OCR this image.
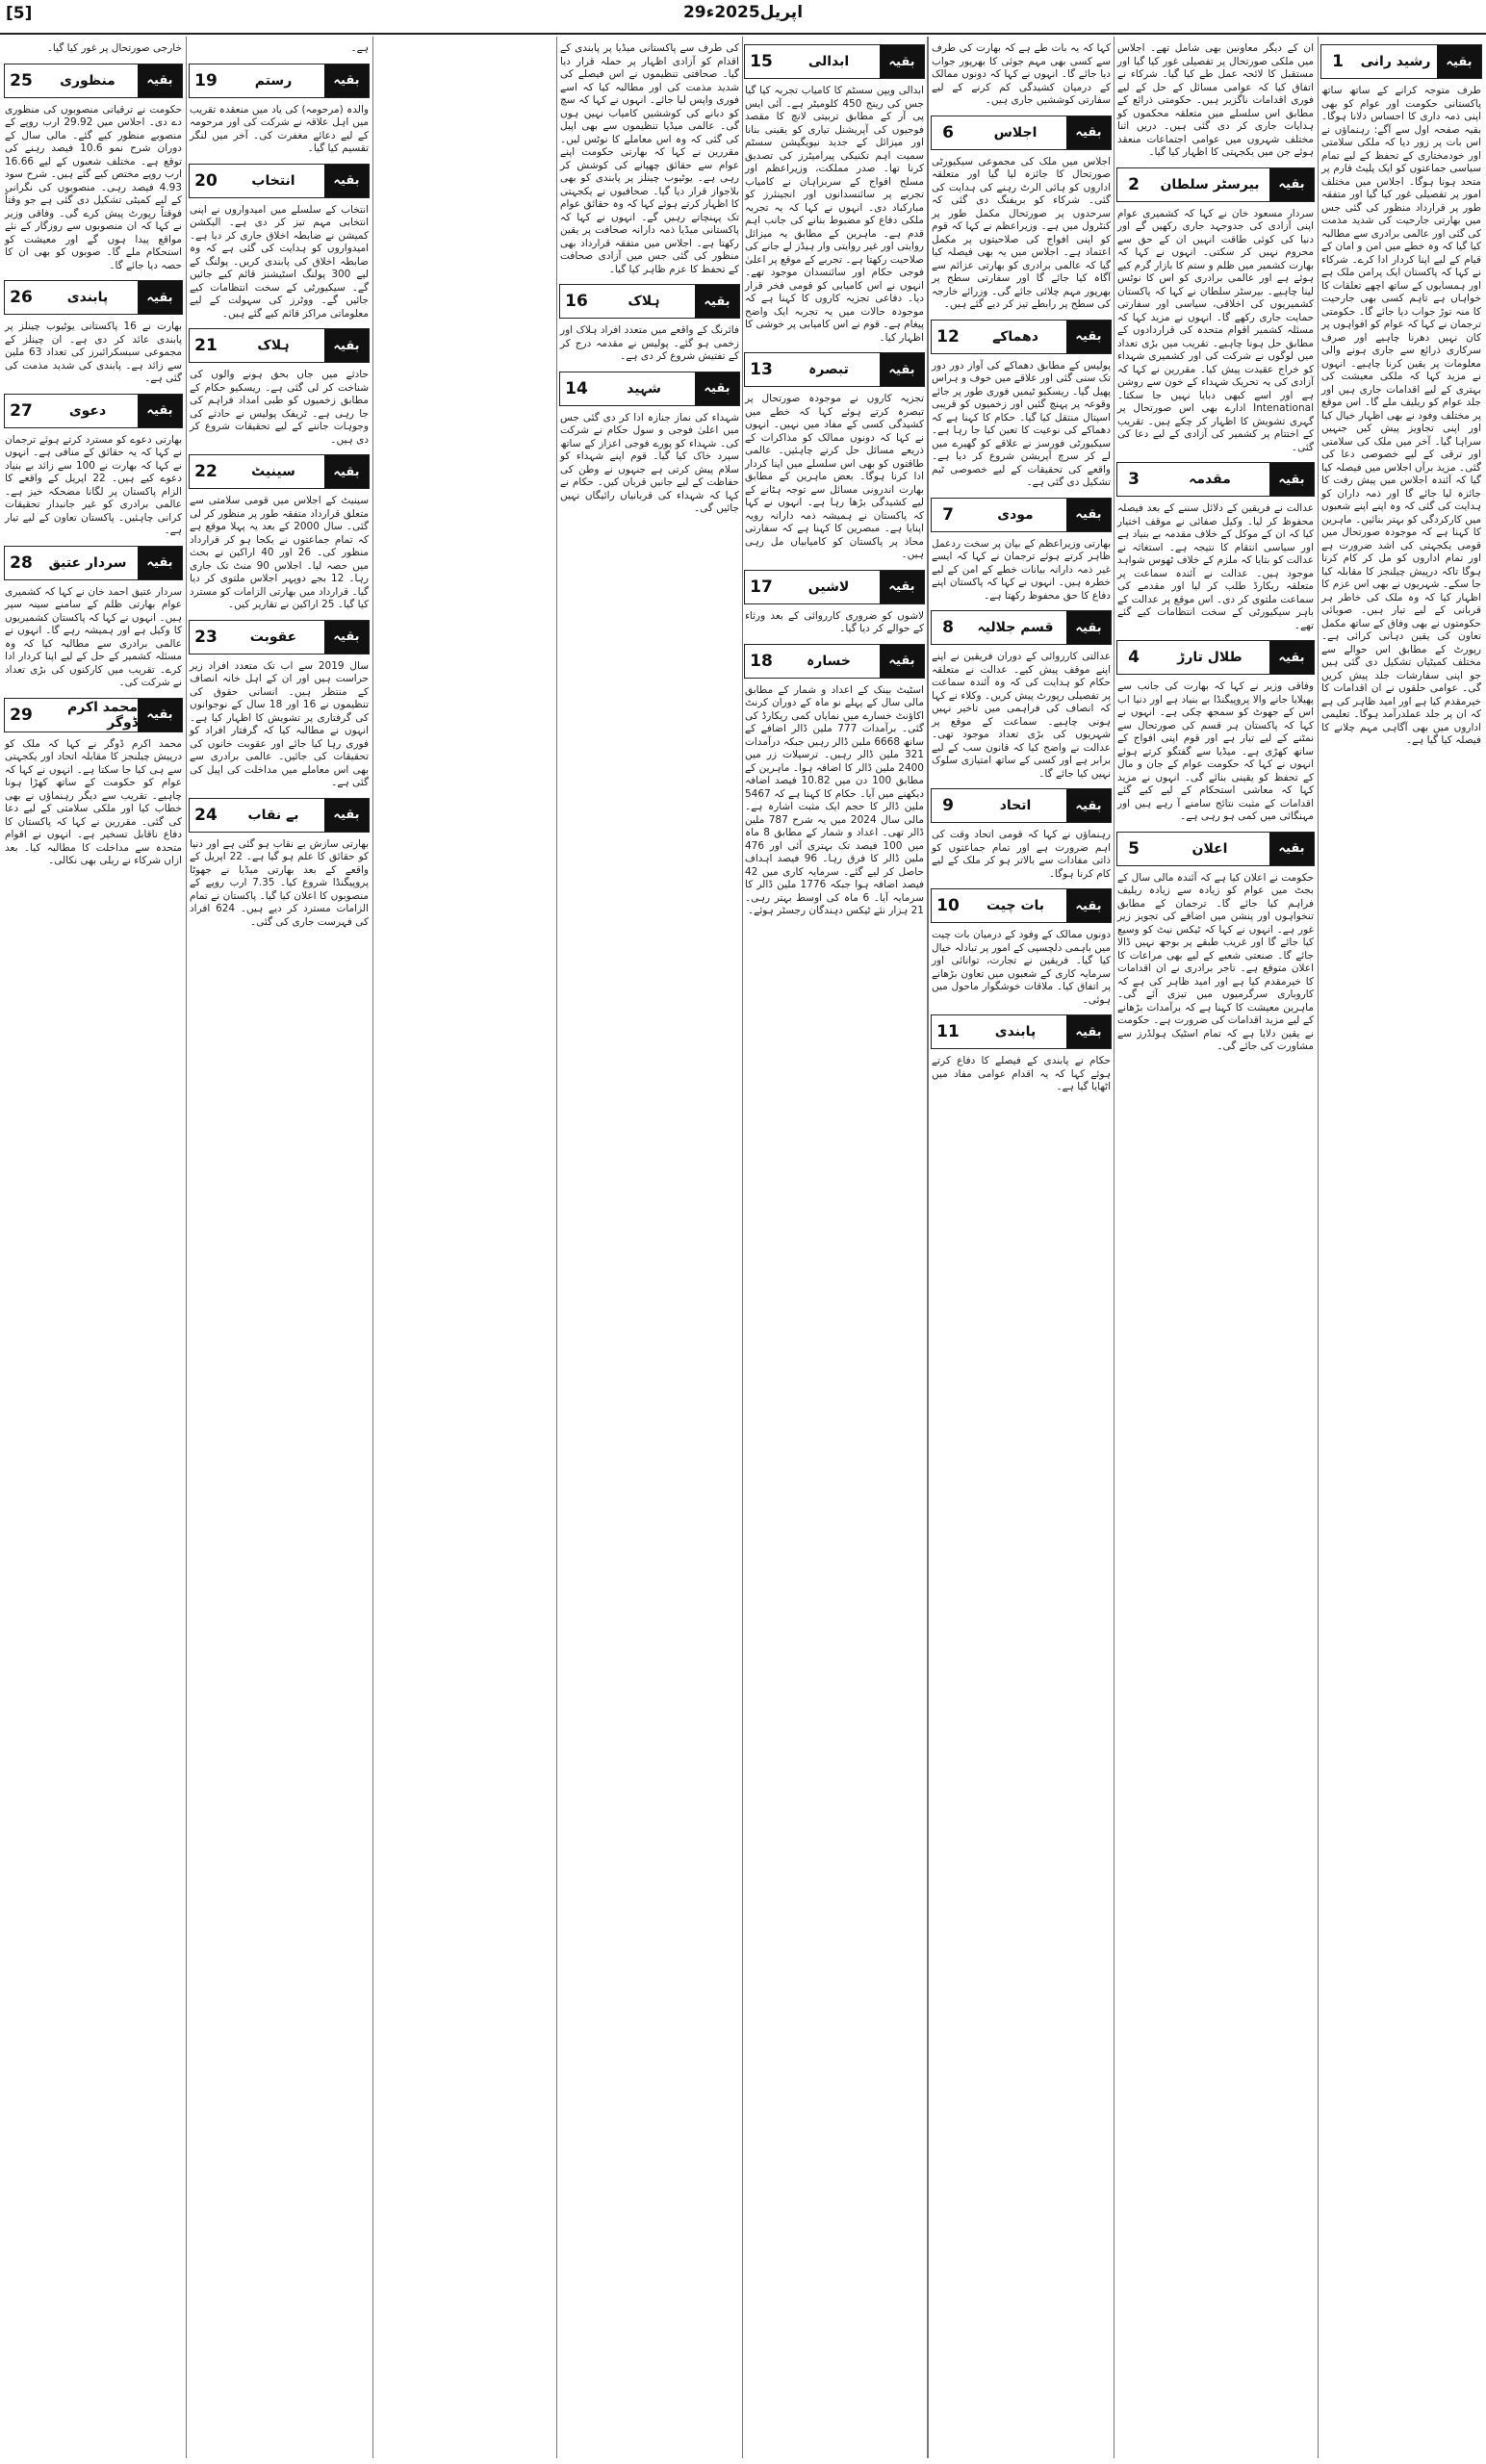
[5]	29اپریل2025ء
1	رشید رانی	بقیہ
طرف متوجہ کرانے کے ساتھ ساتھ پاکستانی حکومت اور عوام کو بھی اپنی ذمہ داری کا احساس دلانا ہوگا۔ بقیہ صفحہ اول سے آگے: رہنماؤں نے اس بات پر زور دیا کہ ملکی سلامتی اور خودمختاری کے تحفظ کے لیے تمام سیاسی جماعتوں کو ایک پلیٹ فارم پر متحد ہونا ہوگا۔ اجلاس میں مختلف امور پر تفصیلی غور کیا گیا اور متفقہ طور پر قرارداد منظور کی گئی جس میں بھارتی جارحیت کی شدید مذمت کی گئی اور عالمی برادری سے مطالبہ کیا گیا کہ وہ خطے میں امن و امان کے قیام کے لیے اپنا کردار ادا کرے۔ شرکاء نے کہا کہ پاکستان ایک پرامن ملک ہے اور ہمسایوں کے ساتھ اچھے تعلقات کا خواہاں ہے تاہم کسی بھی جارحیت کا منہ توڑ جواب دیا جائے گا۔ حکومتی ترجمان نے کہا کہ عوام کو افواہوں پر کان نہیں دھرنا چاہیے اور صرف سرکاری ذرائع سے جاری ہونے والی معلومات پر یقین کرنا چاہیے۔ انہوں نے مزید کہا کہ ملکی معیشت کی بہتری کے لیے اقدامات جاری ہیں اور جلد عوام کو ریلیف ملے گا۔ اس موقع پر مختلف وفود نے بھی اظہار خیال کیا اور اپنی تجاویز پیش کیں جنہیں سراہا گیا۔ آخر میں ملک کی سلامتی اور ترقی کے لیے خصوصی دعا کی گئی۔ مزید برآں اجلاس میں فیصلہ کیا گیا کہ آئندہ اجلاس میں پیش رفت کا جائزہ لیا جائے گا اور ذمہ داران کو ہدایت کی گئی کہ وہ اپنے اپنے شعبوں میں کارکردگی کو بہتر بنائیں۔ ماہرین کا کہنا ہے کہ موجودہ صورتحال میں قومی یکجہتی کی اشد ضرورت ہے اور تمام اداروں کو مل کر کام کرنا ہوگا تاکہ درپیش چیلنجز کا مقابلہ کیا جا سکے۔ شہریوں نے بھی اس عزم کا اظہار کیا کہ وہ ملک کی خاطر ہر قربانی کے لیے تیار ہیں۔ صوبائی حکومتوں نے بھی وفاق کے ساتھ مکمل تعاون کی یقین دہانی کرائی ہے۔ رپورٹ کے مطابق اس حوالے سے مختلف کمیٹیاں تشکیل دی گئی ہیں جو اپنی سفارشات جلد پیش کریں گی۔ عوامی حلقوں نے ان اقدامات کا خیرمقدم کیا ہے اور امید ظاہر کی ہے کہ ان پر جلد عملدرآمد ہوگا۔ تعلیمی اداروں میں بھی آگاہی مہم چلانے کا فیصلہ کیا گیا ہے۔
ان کے دیگر معاونین بھی شامل تھے۔ اجلاس میں ملکی صورتحال پر تفصیلی غور کیا گیا اور مستقبل کا لائحہ عمل طے کیا گیا۔ شرکاء نے اتفاق کیا کہ عوامی مسائل کے حل کے لیے فوری اقدامات ناگزیر ہیں۔ حکومتی ذرائع کے مطابق اس سلسلے میں متعلقہ محکموں کو ہدایات جاری کر دی گئی ہیں۔ دریں اثنا مختلف شہروں میں عوامی اجتماعات منعقد ہوئے جن میں یکجہتی کا اظہار کیا گیا۔
2	بیرسٹر سلطان	بقیہ
سردار مسعود خان نے کہا کہ کشمیری عوام اپنی آزادی کی جدوجہد جاری رکھیں گے اور دنیا کی کوئی طاقت انہیں ان کے حق سے محروم نہیں کر سکتی۔ انہوں نے کہا کہ بھارت کشمیر میں ظلم و ستم کا بازار گرم کیے ہوئے ہے اور عالمی برادری کو اس کا نوٹس لینا چاہیے۔ بیرسٹر سلطان نے کہا کہ پاکستان کشمیریوں کی اخلاقی، سیاسی اور سفارتی حمایت جاری رکھے گا۔ انہوں نے مزید کہا کہ مسئلہ کشمیر اقوام متحدہ کی قراردادوں کے مطابق حل ہونا چاہیے۔ تقریب میں بڑی تعداد میں لوگوں نے شرکت کی اور کشمیری شہداء کو خراج عقیدت پیش کیا۔ مقررین نے کہا کہ آزادی کی یہ تحریک شہداء کے خون سے روشن ہے اور اسے کبھی دبایا نہیں جا سکتا۔ Intenational ادارے بھی اس صورتحال پر گہری تشویش کا اظہار کر چکے ہیں۔ تقریب کے اختتام پر کشمیر کی آزادی کے لیے دعا کی گئی۔
3	مقدمہ	بقیہ
عدالت نے فریقین کے دلائل سننے کے بعد فیصلہ محفوظ کر لیا۔ وکیل صفائی نے موقف اختیار کیا کہ ان کے موکل کے خلاف مقدمہ بے بنیاد ہے اور سیاسی انتقام کا نتیجہ ہے۔ استغاثہ نے عدالت کو بتایا کہ ملزم کے خلاف ٹھوس شواہد موجود ہیں۔ عدالت نے آئندہ سماعت پر متعلقہ ریکارڈ طلب کر لیا اور مقدمے کی سماعت ملتوی کر دی۔ اس موقع پر عدالت کے باہر سیکیورٹی کے سخت انتظامات کیے گئے تھے۔
4	طلال تارڑ	بقیہ
وفاقی وزیر نے کہا کہ بھارت کی جانب سے پھیلایا جانے والا پروپیگنڈا بے بنیاد ہے اور دنیا اب اس کے جھوٹ کو سمجھ چکی ہے۔ انہوں نے کہا کہ پاکستان ہر قسم کی صورتحال سے نمٹنے کے لیے تیار ہے اور قوم اپنی افواج کے ساتھ کھڑی ہے۔ میڈیا سے گفتگو کرتے ہوئے انہوں نے کہا کہ حکومت عوام کے جان و مال کے تحفظ کو یقینی بنائے گی۔ انہوں نے مزید کہا کہ معاشی استحکام کے لیے کیے گئے اقدامات کے مثبت نتائج سامنے آ رہے ہیں اور مہنگائی میں کمی ہو رہی ہے۔
5	اعلان	بقیہ
حکومت نے اعلان کیا ہے کہ آئندہ مالی سال کے بجٹ میں عوام کو زیادہ سے زیادہ ریلیف فراہم کیا جائے گا۔ ترجمان کے مطابق تنخواہوں اور پنشن میں اضافے کی تجویز زیر غور ہے۔ انہوں نے کہا کہ ٹیکس نیٹ کو وسیع کیا جائے گا اور غریب طبقے پر بوجھ نہیں ڈالا جائے گا۔ صنعتی شعبے کے لیے بھی مراعات کا اعلان متوقع ہے۔ تاجر برادری نے ان اقدامات کا خیرمقدم کیا ہے اور امید ظاہر کی ہے کہ کاروباری سرگرمیوں میں تیزی آئے گی۔ ماہرین معیشت کا کہنا ہے کہ برآمدات بڑھانے کے لیے مزید اقدامات کی ضرورت ہے۔ حکومت نے یقین دلایا ہے کہ تمام اسٹیک ہولڈرز سے مشاورت کی جائے گی۔
کہا کہ یہ بات طے ہے کہ بھارت کی طرف سے کسی بھی مہم جوئی کا بھرپور جواب دیا جائے گا۔ انہوں نے کہا کہ دونوں ممالک کے درمیان کشیدگی کم کرنے کے لیے سفارتی کوششیں جاری ہیں۔
6	اجلاس	بقیہ
اجلاس میں ملک کی مجموعی سیکیورٹی صورتحال کا جائزہ لیا گیا اور متعلقہ اداروں کو ہائی الرٹ رہنے کی ہدایت کی گئی۔ شرکاء کو بریفنگ دی گئی کہ سرحدوں پر صورتحال مکمل طور پر کنٹرول میں ہے۔ وزیراعظم نے کہا کہ قوم کو اپنی افواج کی صلاحیتوں پر مکمل اعتماد ہے۔ اجلاس میں یہ بھی فیصلہ کیا گیا کہ عالمی برادری کو بھارتی عزائم سے آگاہ کیا جائے گا اور سفارتی سطح پر بھرپور مہم چلائی جائے گی۔ وزرائے خارجہ کی سطح پر رابطے تیز کر دیے گئے ہیں۔
12	دھماکے	بقیہ
پولیس کے مطابق دھماکے کی آواز دور دور تک سنی گئی اور علاقے میں خوف و ہراس پھیل گیا۔ ریسکیو ٹیمیں فوری طور پر جائے وقوعہ پر پہنچ گئیں اور زخمیوں کو قریبی اسپتال منتقل کیا گیا۔ حکام کا کہنا ہے کہ دھماکے کی نوعیت کا تعین کیا جا رہا ہے۔ سیکیورٹی فورسز نے علاقے کو گھیرے میں لے کر سرچ آپریشن شروع کر دیا ہے۔ واقعے کی تحقیقات کے لیے خصوصی ٹیم تشکیل دی گئی ہے۔
7	مودی	بقیہ
بھارتی وزیراعظم کے بیان پر سخت ردعمل ظاہر کرتے ہوئے ترجمان نے کہا کہ ایسے غیر ذمہ دارانہ بیانات خطے کے امن کے لیے خطرہ ہیں۔ انہوں نے کہا کہ پاکستان اپنے دفاع کا حق محفوظ رکھتا ہے۔
8	قسم جلالیہ	بقیہ
عدالتی کارروائی کے دوران فریقین نے اپنے اپنے موقف پیش کیے۔ عدالت نے متعلقہ حکام کو ہدایت کی کہ وہ آئندہ سماعت پر تفصیلی رپورٹ پیش کریں۔ وکلاء نے کہا کہ انصاف کی فراہمی میں تاخیر نہیں ہونی چاہیے۔ سماعت کے موقع پر شہریوں کی بڑی تعداد موجود تھی۔ عدالت نے واضح کیا کہ قانون سب کے لیے برابر ہے اور کسی کے ساتھ امتیازی سلوک نہیں کیا جائے گا۔
9	اتحاد	بقیہ
رہنماؤں نے کہا کہ قومی اتحاد وقت کی اہم ضرورت ہے اور تمام جماعتوں کو ذاتی مفادات سے بالاتر ہو کر ملک کے لیے کام کرنا ہوگا۔
10	بات چیت	بقیہ
دونوں ممالک کے وفود کے درمیان بات چیت میں باہمی دلچسپی کے امور پر تبادلہ خیال کیا گیا۔ فریقین نے تجارت، توانائی اور سرمایہ کاری کے شعبوں میں تعاون بڑھانے پر اتفاق کیا۔ ملاقات خوشگوار ماحول میں ہوئی۔
11	پابندی	بقیہ
حکام نے پابندی کے فیصلے کا دفاع کرتے ہوئے کہا کہ یہ اقدام عوامی مفاد میں اٹھایا گیا ہے۔
کی طرف سے پاکستانی میڈیا پر پابندی کے اقدام کو آزادی اظہار پر حملہ قرار دیا گیا۔ صحافتی تنظیموں نے اس فیصلے کی شدید مذمت کی اور مطالبہ کیا کہ اسے فوری واپس لیا جائے۔ انہوں نے کہا کہ سچ کو دبانے کی کوششیں کامیاب نہیں ہوں گی۔ عالمی میڈیا تنظیموں سے بھی اپیل کی گئی کہ وہ اس معاملے کا نوٹس لیں۔ مقررین نے کہا کہ بھارتی حکومت اپنے عوام سے حقائق چھپانے کی کوشش کر رہی ہے۔ یوٹیوب چینلز پر پابندی کو بھی بلاجواز قرار دیا گیا۔ صحافیوں نے یکجہتی کا اظہار کرتے ہوئے کہا کہ وہ حقائق عوام تک پہنچاتے رہیں گے۔ انہوں نے کہا کہ پاکستانی میڈیا ذمہ دارانہ صحافت پر یقین رکھتا ہے۔ اجلاس میں متفقہ قرارداد بھی منظور کی گئی جس میں آزادی صحافت کے تحفظ کا عزم ظاہر کیا گیا۔
16	ہلاک	بقیہ
فائرنگ کے واقعے میں متعدد افراد ہلاک اور زخمی ہو گئے۔ پولیس نے مقدمہ درج کر کے تفتیش شروع کر دی ہے۔
14	شہید	بقیہ
شہداء کی نماز جنازہ ادا کر دی گئی جس میں اعلیٰ فوجی و سول حکام نے شرکت کی۔ شہداء کو پورے فوجی اعزاز کے ساتھ سپرد خاک کیا گیا۔ قوم اپنے شہداء کو سلام پیش کرتی ہے جنہوں نے وطن کی حفاظت کے لیے جانیں قربان کیں۔ حکام نے کہا کہ شہداء کی قربانیاں رائیگاں نہیں جائیں گی۔
15	ابدالی	بقیہ
ابدالی ویپن سسٹم کا کامیاب تجربہ کیا گیا جس کی رینج 450 کلومیٹر ہے۔ آئی ایس پی آر کے مطابق تربیتی لانچ کا مقصد فوجیوں کی آپریشنل تیاری کو یقینی بنانا اور میزائل کے جدید نیویگیشن سسٹم سمیت اہم تکنیکی پیرامیٹرز کی تصدیق کرنا تھا۔ صدر مملکت، وزیراعظم اور مسلح افواج کے سربراہان نے کامیاب تجربے پر سائنسدانوں اور انجینئرز کو مبارکباد دی۔ انہوں نے کہا کہ یہ تجربہ ملکی دفاع کو مضبوط بنانے کی جانب اہم قدم ہے۔ ماہرین کے مطابق یہ میزائل روایتی اور غیر روایتی وار ہیڈز لے جانے کی صلاحیت رکھتا ہے۔ تجربے کے موقع پر اعلیٰ فوجی حکام اور سائنسدان موجود تھے۔ انہوں نے اس کامیابی کو قومی فخر قرار دیا۔ دفاعی تجزیہ کاروں کا کہنا ہے کہ موجودہ حالات میں یہ تجربہ ایک واضح پیغام ہے۔ قوم نے اس کامیابی پر خوشی کا اظہار کیا۔
13	تبصرہ	بقیہ
تجزیہ کاروں نے موجودہ صورتحال پر تبصرہ کرتے ہوئے کہا کہ خطے میں کشیدگی کسی کے مفاد میں نہیں۔ انہوں نے کہا کہ دونوں ممالک کو مذاکرات کے ذریعے مسائل حل کرنے چاہئیں۔ عالمی طاقتوں کو بھی اس سلسلے میں اپنا کردار ادا کرنا ہوگا۔ بعض ماہرین کے مطابق بھارت اندرونی مسائل سے توجہ ہٹانے کے لیے کشیدگی بڑھا رہا ہے۔ انہوں نے کہا کہ پاکستان نے ہمیشہ ذمہ دارانہ رویہ اپنایا ہے۔ مبصرین کا کہنا ہے کہ سفارتی محاذ پر پاکستان کو کامیابیاں مل رہی ہیں۔
17	لاشیں	بقیہ
لاشوں کو ضروری کارروائی کے بعد ورثاء کے حوالے کر دیا گیا۔
18	خسارہ	بقیہ
اسٹیٹ بینک کے اعداد و شمار کے مطابق مالی سال کے پہلے نو ماہ کے دوران کرنٹ اکاؤنٹ خسارے میں نمایاں کمی ریکارڈ کی گئی۔ برآمدات 777 ملین ڈالر اضافے کے ساتھ 6668 ملین ڈالر رہیں جبکہ درآمدات 321 ملین ڈالر رہیں۔ ترسیلات زر میں 2400 ملین ڈالر کا اضافہ ہوا۔ ماہرین کے مطابق 100 دن میں 10.82 فیصد اضافہ دیکھنے میں آیا۔ حکام کا کہنا ہے کہ 5467 ملین ڈالر کا حجم ایک مثبت اشارہ ہے۔ مالی سال 2024 میں یہ شرح 787 ملین ڈالر تھی۔ اعداد و شمار کے مطابق 8 ماہ میں 100 فیصد تک بہتری آئی اور 476 ملین ڈالر کا فرق رہا۔ 96 فیصد اہداف حاصل کر لیے گئے۔ سرمایہ کاری میں 42 فیصد اضافہ ہوا جبکہ 1776 ملین ڈالر کا سرمایہ آیا۔ 6 ماہ کی اوسط بہتر رہی۔ 21 ہزار نئے ٹیکس دہندگان رجسٹر ہوئے۔
ہے۔
19	رستم	بقیہ
والدہ (مرحومہ) کی یاد میں منعقدہ تقریب میں اہل علاقہ نے شرکت کی اور مرحومہ کے لیے دعائے مغفرت کی۔ آخر میں لنگر تقسیم کیا گیا۔
20	انتخاب	بقیہ
انتخاب کے سلسلے میں امیدواروں نے اپنی انتخابی مہم تیز کر دی ہے۔ الیکشن کمیشن نے ضابطہ اخلاق جاری کر دیا ہے۔ امیدواروں کو ہدایت کی گئی ہے کہ وہ ضابطہ اخلاق کی پابندی کریں۔ پولنگ کے لیے 300 پولنگ اسٹیشنز قائم کیے جائیں گے۔ سیکیورٹی کے سخت انتظامات کیے جائیں گے۔ ووٹرز کی سہولت کے لیے معلوماتی مراکز قائم کیے گئے ہیں۔
21	ہلاک	بقیہ
حادثے میں جاں بحق ہونے والوں کی شناخت کر لی گئی ہے۔ ریسکیو حکام کے مطابق زخمیوں کو طبی امداد فراہم کی جا رہی ہے۔ ٹریفک پولیس نے حادثے کی وجوہات جاننے کے لیے تحقیقات شروع کر دی ہیں۔
22	سینیٹ	بقیہ
سینیٹ کے اجلاس میں قومی سلامتی سے متعلق قرارداد متفقہ طور پر منظور کر لی گئی۔ سال 2000 کے بعد یہ پہلا موقع ہے کہ تمام جماعتوں نے یکجا ہو کر قرارداد منظور کی۔ 26 اور 40 اراکین نے بحث میں حصہ لیا۔ اجلاس 90 منٹ تک جاری رہا۔ 12 بجے دوپہر اجلاس ملتوی کر دیا گیا۔ قرارداد میں بھارتی الزامات کو مسترد کیا گیا۔ 25 اراکین نے تقاریر کیں۔
23	عقوبت	بقیہ
سال 2019 سے اب تک متعدد افراد زیر حراست ہیں اور ان کے اہل خانہ انصاف کے منتظر ہیں۔ انسانی حقوق کی تنظیموں نے 16 اور 18 سال کے نوجوانوں کی گرفتاری پر تشویش کا اظہار کیا ہے۔ انہوں نے مطالبہ کیا کہ گرفتار افراد کو فوری رہا کیا جائے اور عقوبت خانوں کی تحقیقات کی جائیں۔ عالمی برادری سے بھی اس معاملے میں مداخلت کی اپیل کی گئی ہے۔
24	بے نقاب	بقیہ
بھارتی سازش بے نقاب ہو گئی ہے اور دنیا کو حقائق کا علم ہو گیا ہے۔ 22 اپریل کے واقعے کے بعد بھارتی میڈیا نے جھوٹا پروپیگنڈا شروع کیا۔ 7.35 ارب روپے کے منصوبوں کا اعلان کیا گیا۔ پاکستان نے تمام الزامات مسترد کر دیے ہیں۔ 624 افراد کی فہرست جاری کی گئی۔
خارجی صورتحال پر غور کیا گیا۔
25	منظوری	بقیہ
حکومت نے ترقیاتی منصوبوں کی منظوری دے دی۔ اجلاس میں 29.92 ارب روپے کے منصوبے منظور کیے گئے۔ مالی سال کے دوران شرح نمو 10.6 فیصد رہنے کی توقع ہے۔ مختلف شعبوں کے لیے 16.66 ارب روپے مختص کیے گئے ہیں۔ شرح سود 4.93 فیصد رہی۔ منصوبوں کی نگرانی کے لیے کمیٹی تشکیل دی گئی ہے جو وقتاً فوقتاً رپورٹ پیش کرے گی۔ وفاقی وزیر نے کہا کہ ان منصوبوں سے روزگار کے نئے مواقع پیدا ہوں گے اور معیشت کو استحکام ملے گا۔ صوبوں کو بھی ان کا حصہ دیا جائے گا۔
26	پابندی	بقیہ
بھارت نے 16 پاکستانی یوٹیوب چینلز پر پابندی عائد کر دی ہے۔ ان چینلز کے مجموعی سبسکرائبرز کی تعداد 63 ملین سے زائد ہے۔ پابندی کی شدید مذمت کی گئی ہے۔
27	دعوی	بقیہ
بھارتی دعوے کو مسترد کرتے ہوئے ترجمان نے کہا کہ یہ حقائق کے منافی ہے۔ انہوں نے کہا کہ بھارت نے 100 سے زائد بے بنیاد دعوے کیے ہیں۔ 22 اپریل کے واقعے کا الزام پاکستان پر لگانا مضحکہ خیز ہے۔ عالمی برادری کو غیر جانبدار تحقیقات کرانی چاہئیں۔ پاکستان تعاون کے لیے تیار ہے۔
28	سردار عتیق	بقیہ
سردار عتیق احمد خان نے کہا کہ کشمیری عوام بھارتی ظلم کے سامنے سینہ سپر ہیں۔ انہوں نے کہا کہ پاکستان کشمیریوں کا وکیل ہے اور ہمیشہ رہے گا۔ انہوں نے عالمی برادری سے مطالبہ کیا کہ وہ مسئلہ کشمیر کے حل کے لیے اپنا کردار ادا کرے۔ تقریب میں کارکنوں کی بڑی تعداد نے شرکت کی۔
29	محمد اکرم ڈوگر بقیہ
محمد اکرم ڈوگر نے کہا کہ ملک کو درپیش چیلنجز کا مقابلہ اتحاد اور یکجہتی سے ہی کیا جا سکتا ہے۔ انہوں نے کہا کہ عوام کو حکومت کے ساتھ کھڑا ہونا چاہیے۔ تقریب سے دیگر رہنماؤں نے بھی خطاب کیا اور ملکی سلامتی کے لیے دعا کی گئی۔ مقررین نے کہا کہ پاکستان کا دفاع ناقابل تسخیر ہے۔ انہوں نے اقوام متحدہ سے مداخلت کا مطالبہ کیا۔ بعد ازاں شرکاء نے ریلی بھی نکالی۔
